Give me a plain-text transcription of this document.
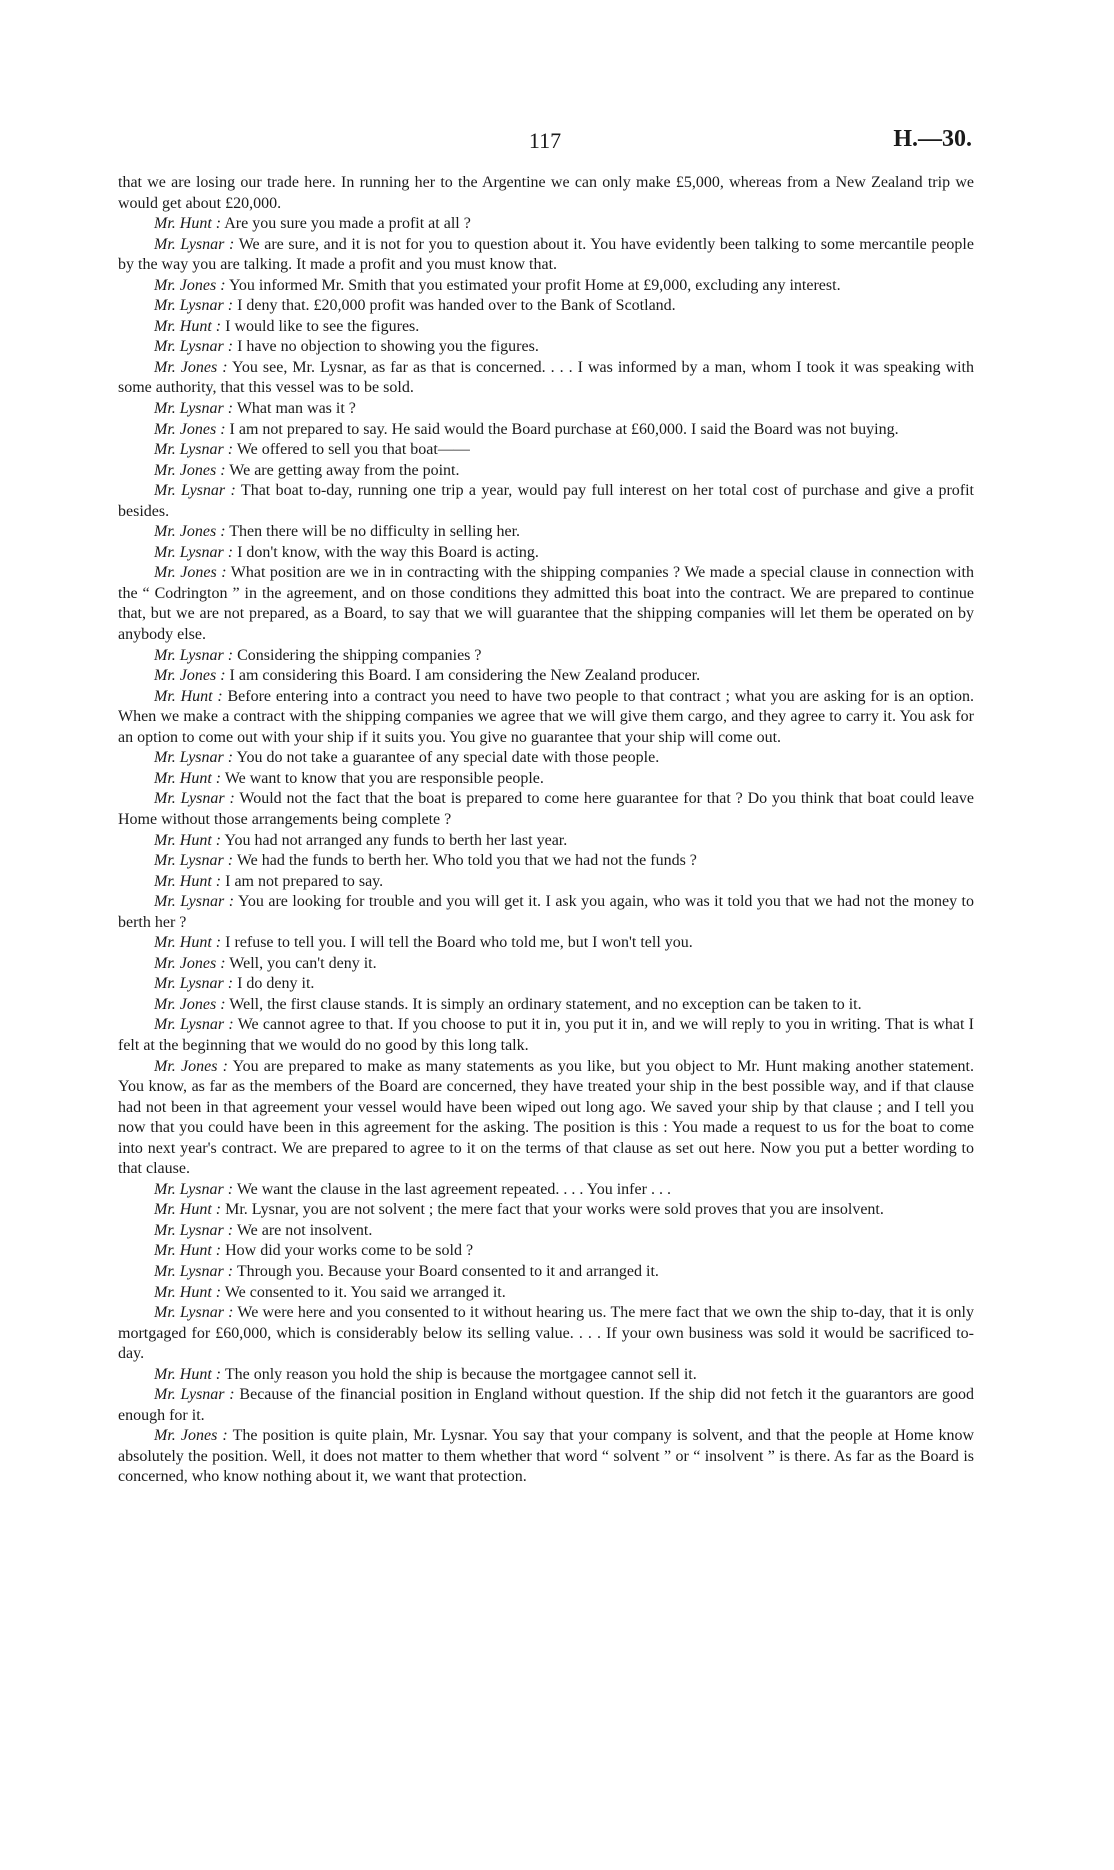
117	H.—30.

that we are losing our trade here. In running her to the Argentine we can only make £5,000, whereas from a New Zealand trip we would get about £20,000.

Mr. Hunt : Are you sure you made a profit at all ?

Mr. Lysnar : We are sure, and it is not for you to question about it. You have evidently been talking to some mercantile people by the way you are talking. It made a profit and you must know that.

Mr. Jones : You informed Mr. Smith that you estimated your profit Home at £9,000, excluding any interest.

Mr. Lysnar : I deny that. £20,000 profit was handed over to the Bank of Scotland.

Mr. Hunt : I would like to see the figures.

Mr. Lysnar : I have no objection to showing you the figures.

Mr. Jones : You see, Mr. Lysnar, as far as that is concerned. . . . I was informed by a man, whom I took it was speaking with some authority, that this vessel was to be sold.

Mr. Lysnar : What man was it ?

Mr. Jones : I am not prepared to say. He said would the Board purchase at £60,000. I said the Board was not buying.

Mr. Lysnar : We offered to sell you that boat——

Mr. Jones : We are getting away from the point.

Mr. Lysnar : That boat to-day, running one trip a year, would pay full interest on her total cost of purchase and give a profit besides.

Mr. Jones : Then there will be no difficulty in selling her.

Mr. Lysnar : I don't know, with the way this Board is acting.

Mr. Jones : What position are we in in contracting with the shipping companies ? We made a special clause in connection with the “ Codrington ” in the agreement, and on those conditions they admitted this boat into the contract. We are prepared to continue that, but we are not prepared, as a Board, to say that we will guarantee that the shipping companies will let them be operated on by anybody else.

Mr. Lysnar : Considering the shipping companies ?

Mr. Jones : I am considering this Board. I am considering the New Zealand producer.

Mr. Hunt : Before entering into a contract you need to have two people to that contract ; what you are asking for is an option. When we make a contract with the shipping companies we agree that we will give them cargo, and they agree to carry it. You ask for an option to come out with your ship if it suits you. You give no guarantee that your ship will come out.

Mr. Lysnar : You do not take a guarantee of any special date with those people.

Mr. Hunt : We want to know that you are responsible people.

Mr. Lysnar : Would not the fact that the boat is prepared to come here guarantee for that ? Do you think that boat could leave Home without those arrangements being complete ?

Mr. Hunt : You had not arranged any funds to berth her last year.

Mr. Lysnar : We had the funds to berth her. Who told you that we had not the funds ?

Mr. Hunt : I am not prepared to say.

Mr. Lysnar : You are looking for trouble and you will get it. I ask you again, who was it told you that we had not the money to berth her ?

Mr. Hunt : I refuse to tell you. I will tell the Board who told me, but I won't tell you.

Mr. Jones : Well, you can't deny it.

Mr. Lysnar : I do deny it.

Mr. Jones : Well, the first clause stands. It is simply an ordinary statement, and no exception can be taken to it.

Mr. Lysnar : We cannot agree to that. If you choose to put it in, you put it in, and we will reply to you in writing. That is what I felt at the beginning that we would do no good by this long talk.

Mr. Jones : You are prepared to make as many statements as you like, but you object to Mr. Hunt making another statement. You know, as far as the members of the Board are concerned, they have treated your ship in the best possible way, and if that clause had not been in that agreement your vessel would have been wiped out long ago. We saved your ship by that clause ; and I tell you now that you could have been in this agreement for the asking. The position is this : You made a request to us for the boat to come into next year's contract. We are prepared to agree to it on the terms of that clause as set out here. Now you put a better wording to that clause.

Mr. Lysnar : We want the clause in the last agreement repeated. . . . You infer . . .

Mr. Hunt : Mr. Lysnar, you are not solvent ; the mere fact that your works were sold proves that you are insolvent.

Mr. Lysnar : We are not insolvent.

Mr. Hunt : How did your works come to be sold ?

Mr. Lysnar : Through you. Because your Board consented to it and arranged it.

Mr. Hunt : We consented to it. You said we arranged it.

Mr. Lysnar : We were here and you consented to it without hearing us. The mere fact that we own the ship to-day, that it is only mortgaged for £60,000, which is considerably below its selling value. . . . If your own business was sold it would be sacrificed to-day.

Mr. Hunt : The only reason you hold the ship is because the mortgagee cannot sell it.

Mr. Lysnar : Because of the financial position in England without question. If the ship did not fetch it the guarantors are good enough for it.

Mr. Jones : The position is quite plain, Mr. Lysnar. You say that your company is solvent, and that the people at Home know absolutely the position. Well, it does not matter to them whether that word “ solvent ” or “ insolvent ” is there. As far as the Board is concerned, who know nothing about it, we want that protection.
